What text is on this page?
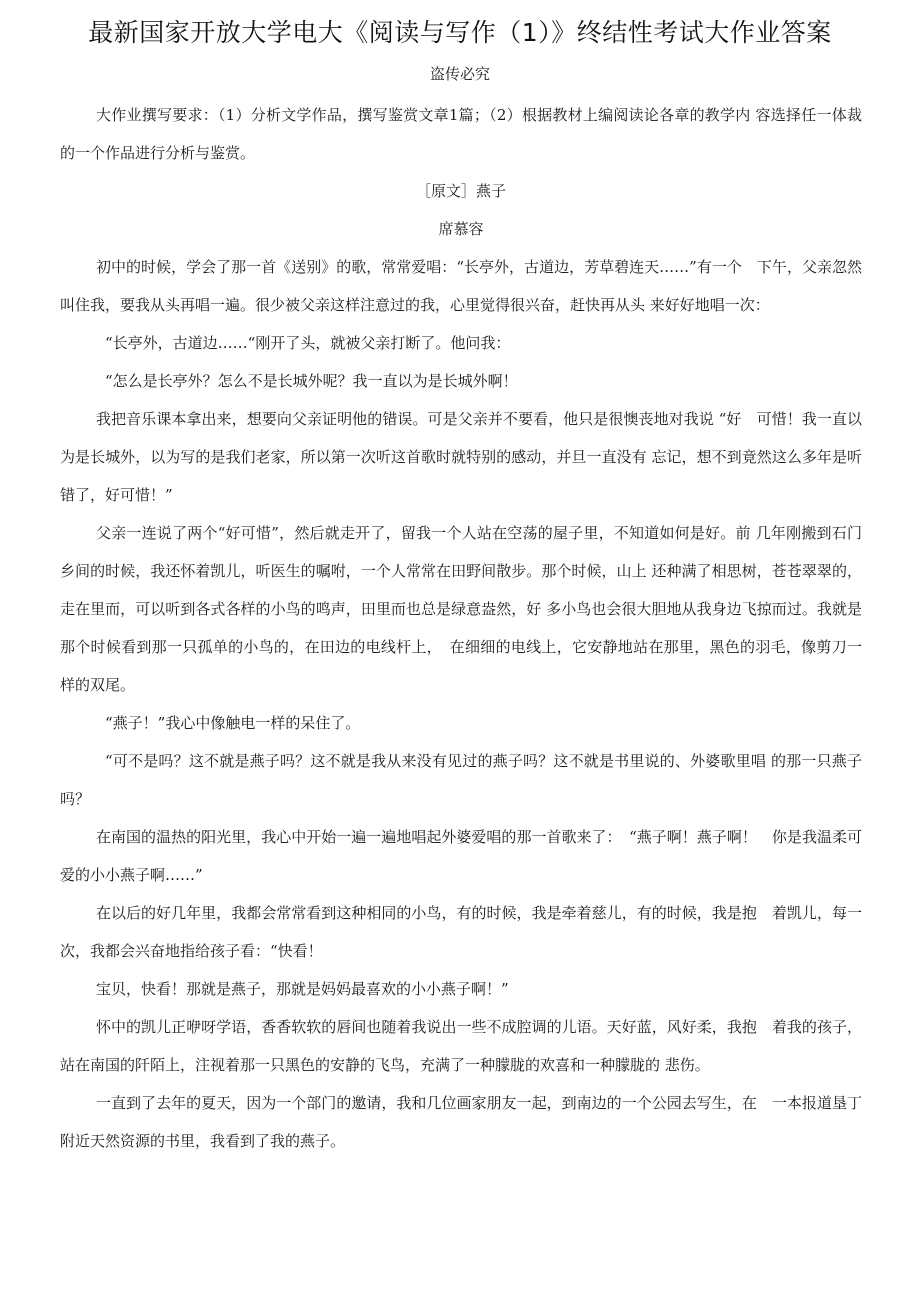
最新国家开放大学电大《阅读与写作（1）》终结性考试大作业答案
盗传必究

大作业撰写要求：（1）分析文学作品，撰写鉴赏文章1篇；（2）根据教材上编阅读论各章的教学内 容选择任一体裁的一个作品进行分析与鉴赏。

［原文］燕子

席慕容

初中的时候，学会了那一首《送别》的歌，常常爱唱：“长亭外，古道边，芳草碧连天……”有一个　下午，父亲忽然叫住我，要我从头再唱一遍。很少被父亲这样注意过的我，心里觉得很兴奋，赶快再从头 来好好地唱一次：

“长亭外，古道边……“刚开了头，就被父亲打断了。他问我：

“怎么是长亭外？怎么不是长城外呢？我一直以为是长城外啊！

我把音乐课本拿出来，想要向父亲证明他的错误。可是父亲并不要看，他只是很懊丧地对我说 “好　可惜！我一直以为是长城外，以为写的是我们老家，所以第一次听这首歌时就特别的感动，并旦一直没有 忘记，想不到竟然这么多年是听错了，好可惜！”

父亲一连说了两个“好可惜”，然后就走开了，留我一个人站在空荡的屋子里，不知道如何是好。前 几年刚搬到石门乡间的时候，我还怀着凯儿，听医生的嘱咐，一个人常常在田野间散步。那个时候，山上 还种满了相思树，苍苍翠翠的，走在里而，可以听到各式各样的小鸟的鸣声，田里而也总是绿意盎然，好 多小鸟也会很大胆地从我身边飞掠而过。我就是那个时候看到那一只孤单的小鸟的，在田边的电线杆上，　在细细的电线上，它安静地站在那里，黑色的羽毛，像剪刀一样的双尾。

“燕子！”我心中像触电一样的呆住了。

“可不是吗？这不就是燕子吗？这不就是我从来没有见过的燕子吗？这不就是书里说的、外婆歌里唱 的那一只燕子吗？

在南国的温热的阳光里，我心中开始一遍一遍地唱起外婆爱唱的那一首歌来了：　“燕子啊！燕子啊！　你是我温柔可爱的小小燕子啊……”

在以后的好几年里，我都会常常看到这种相同的小鸟，有的时候，我是牵着慈儿，有的时候，我是抱　着凯儿，每一次，我都会兴奋地指给孩子看：“快看！

宝贝，快看！那就是燕子，那就是妈妈最喜欢的小小燕子啊！”

怀中的凯儿正咿呀学语，香香软软的唇间也随着我说出一些不成腔调的儿语。天好蓝，风好柔，我抱　着我的孩子，站在南国的阡陌上，注视着那一只黑色的安静的飞鸟，充满了一种朦胧的欢喜和一种朦胧的 悲伤。

一直到了去年的夏天，因为一个部门的邀请，我和几位画家朋友一起，到南边的一个公园去写生，在　一本报道垦丁附近天然资源的书里，我看到了我的燕子。
